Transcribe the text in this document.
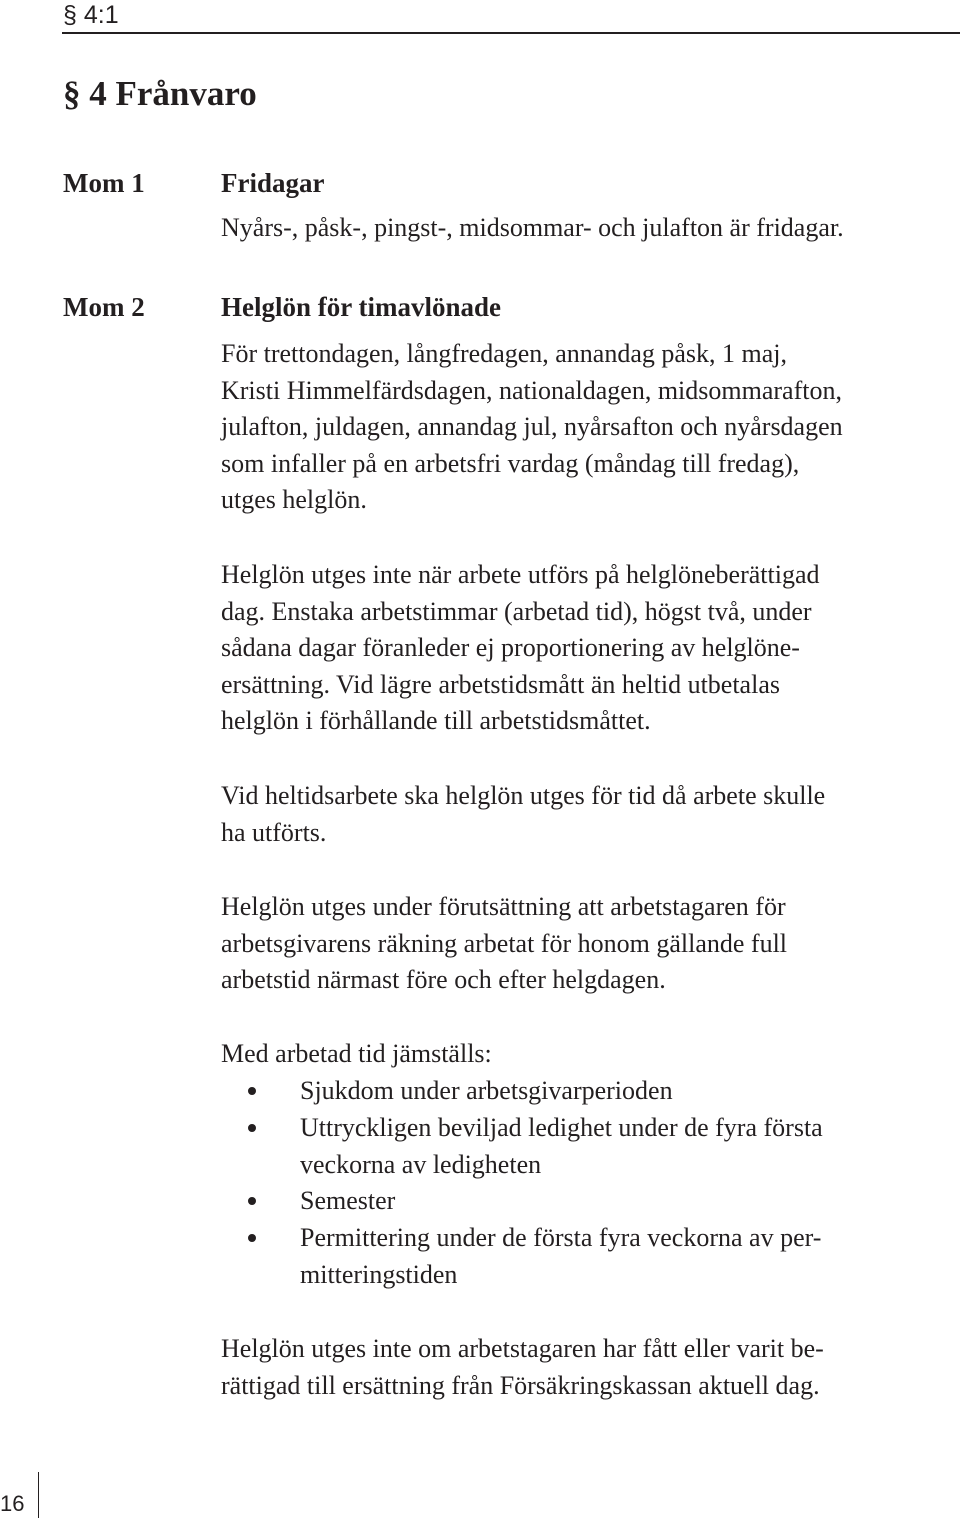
§ 4:1
§ 4 Frånvaro
Mom 1	Fridagar
Nyårs-, påsk-, pingst-, midsommar- och julafton är fridagar.
Mom 2	Helglön för timavlönade
För trettondagen, långfredagen, annandag påsk, 1 maj,
Kristi Himmelfärdsdagen, nationaldagen, midsommarafton,
julafton, juldagen, annandag jul, nyårsafton och nyårsdagen
som infaller på en arbetsfri vardag (måndag till fredag),
utges helglön.
Helglön utges inte när arbete utförs på helglöneberättigad
dag. Enstaka arbetstimmar (arbetad tid), högst två, under
sådana dagar föranleder ej proportionering av helglöne-
ersättning. Vid lägre arbetstidsmått än heltid utbetalas
helglön i förhållande till arbetstidsmåttet.
Vid heltidsarbete ska helglön utges för tid då arbete skulle
ha utförts.
Helglön utges under förutsättning att arbetstagaren för
arbetsgivarens räkning arbetat för honom gällande full
arbetstid närmast före och efter helgdagen.
Med arbetad tid jämställs:
Sjukdom under arbetsgivarperioden
Uttryckligen beviljad ledighet under de fyra första
veckorna av ledigheten
Semester
Permittering under de första fyra veckorna av per-
mitteringstiden
Helglön utges inte om arbetstagaren har fått eller varit be-
rättigad till ersättning från Försäkringskassan aktuell dag.
16
